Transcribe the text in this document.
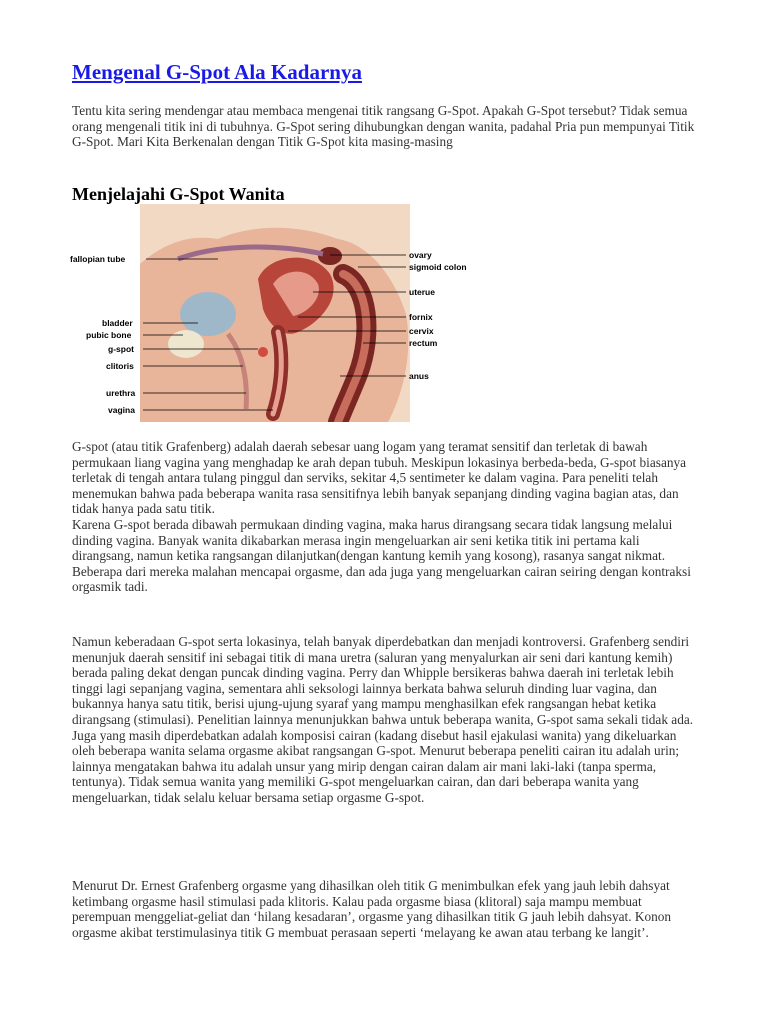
Mengenal G-Spot Ala Kadarnya

Tentu kita sering mendengar atau membaca mengenai titik rangsang G-Spot. Apakah G-Spot tersebut? Tidak semua orang mengenali titik ini di tubuhnya. G-Spot sering dihubungkan dengan wanita, padahal Pria pun mempunyai Titik G-Spot. Mari Kita Berkenalan dengan Titik G-Spot kita masing-masing

Menjelajahi G-Spot Wanita
fallopian tube
bladder
pubic bone
g-spot
clitoris
urethra
vagina
ovary
sigmoid colon
uterue
fornix
cervix
rectum
anus

G-spot (atau titik Grafenberg) adalah daerah sebesar uang logam yang teramat sensitif dan terletak di bawah permukaan liang vagina yang menghadap ke arah depan tubuh. Meskipun lokasinya berbeda-beda, G-spot biasanya terletak di tengah antara tulang pinggul dan serviks, sekitar 4,5 sentimeter ke dalam vagina. Para peneliti telah menemukan bahwa pada beberapa wanita rasa sensitifnya lebih banyak sepanjang dinding vagina bagian atas, dan tidak hanya pada satu titik.

Karena G-spot berada dibawah permukaan dinding vagina, maka harus dirangsang secara tidak langsung melalui dinding vagina. Banyak wanita dikabarkan merasa ingin mengeluarkan air seni ketika titik ini pertama kali dirangsang, namun ketika rangsangan dilanjutkan(dengan kantung kemih yang kosong), rasanya sangat nikmat. Beberapa dari mereka malahan mencapai orgasme, dan ada juga yang mengeluarkan cairan seiring dengan kontraksi orgasmik tadi.

Namun keberadaan G-spot serta lokasinya, telah banyak diperdebatkan dan menjadi kontroversi. Grafenberg sendiri menunjuk daerah sensitif ini sebagai titik di mana uretra (saluran yang menyalurkan air seni dari kantung kemih) berada paling dekat dengan puncak dinding vagina. Perry dan Whipple bersikeras bahwa daerah ini terletak lebih tinggi lagi sepanjang vagina, sementara ahli seksologi lainnya berkata bahwa seluruh dinding luar vagina, dan bukannya hanya satu titik, berisi ujung-ujung syaraf yang mampu menghasilkan efek rangsangan hebat ketika dirangsang (stimulasi). Penelitian lainnya menunjukkan bahwa untuk beberapa wanita, G-spot sama sekali tidak ada.

Juga yang masih diperdebatkan adalah komposisi cairan (kadang disebut hasil ejakulasi wanita) yang dikeluarkan oleh beberapa wanita selama orgasme akibat rangsangan G-spot. Menurut beberapa peneliti cairan itu adalah urin; lainnya mengatakan bahwa itu adalah unsur yang mirip dengan cairan dalam air mani laki-laki (tanpa sperma, tentunya). Tidak semua wanita yang memiliki G-spot mengeluarkan cairan, dan dari beberapa wanita yang mengeluarkan, tidak selalu keluar bersama setiap orgasme G-spot.

Menurut Dr. Ernest Grafenberg orgasme yang dihasilkan oleh titik G menimbulkan efek yang jauh lebih dahsyat ketimbang orgasme hasil stimulasi pada klitoris. Kalau pada orgasme biasa (klitoral) saja mampu membuat perempuan menggeliat-geliat dan ‘hilang kesadaran’, orgasme yang dihasilkan titik G jauh lebih dahsyat. Konon orgasme akibat terstimulasinya titik G membuat perasaan seperti ‘melayang ke awan atau terbang ke langit’.
